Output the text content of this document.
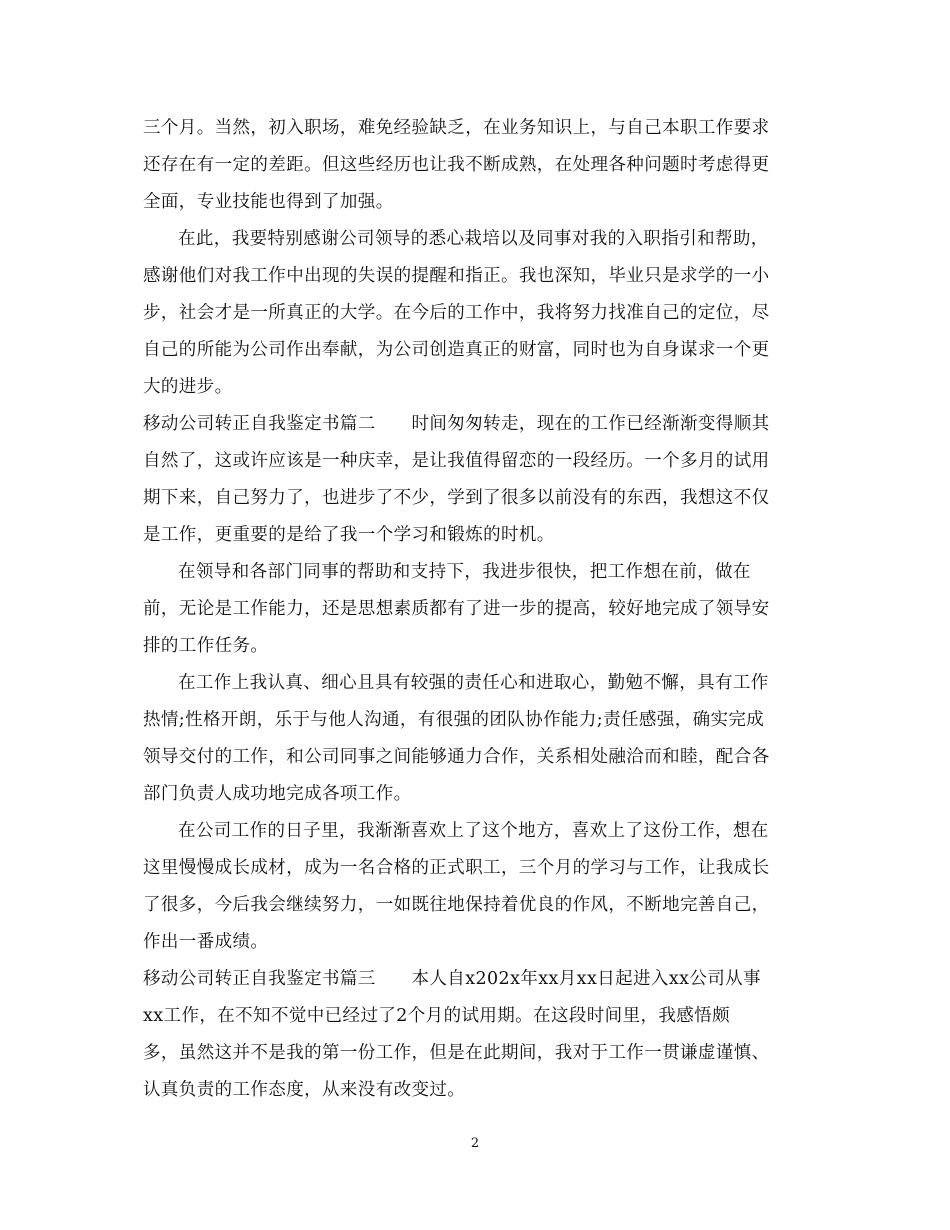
三个月。当然，初入职场，难免经验缺乏，在业务知识上，与自己本职工作要求
还存在有一定的差距。但这些经历也让我不断成熟，在处理各种问题时考虑得更
全面，专业技能也得到了加强。
在此，我要特别感谢公司领导的悉心栽培以及同事对我的入职指引和帮助，
感谢他们对我工作中出现的失误的提醒和指正。我也深知，毕业只是求学的一小
步，社会才是一所真正的大学。在今后的工作中，我将努力找准自己的定位，尽
自己的所能为公司作出奉献，为公司创造真正的财富，同时也为自身谋求一个更
大的进步。
移动公司转正自我鉴定书篇二　　时间匆匆转走，现在的工作已经渐渐变得顺其
自然了，这或许应该是一种庆幸，是让我值得留恋的一段经历。一个多月的试用
期下来，自己努力了，也进步了不少，学到了很多以前没有的东西，我想这不仅
是工作，更重要的是给了我一个学习和锻炼的时机。
在领导和各部门同事的帮助和支持下，我进步很快，把工作想在前，做在
前，无论是工作能力，还是思想素质都有了进一步的提高，较好地完成了领导安
排的工作任务。
在工作上我认真、细心且具有较强的责任心和进取心，勤勉不懈，具有工作
热情;性格开朗，乐于与他人沟通，有很强的团队协作能力;责任感强，确实完成
领导交付的工作，和公司同事之间能够通力合作，关系相处融洽而和睦，配合各
部门负责人成功地完成各项工作。
在公司工作的日子里，我渐渐喜欢上了这个地方，喜欢上了这份工作，想在
这里慢慢成长成材，成为一名合格的正式职工，三个月的学习与工作，让我成长
了很多，今后我会继续努力，一如既往地保持着优良的作风，不断地完善自己，
作出一番成绩。
移动公司转正自我鉴定书篇三　　本人自x202x年xx月xx日起进入xx公司从事
xx工作，在不知不觉中已经过了2个月的试用期。在这段时间里，我感悟颇
多，虽然这并不是我的第一份工作，但是在此期间，我对于工作一贯谦虚谨慎、
认真负责的工作态度，从来没有改变过。
2
